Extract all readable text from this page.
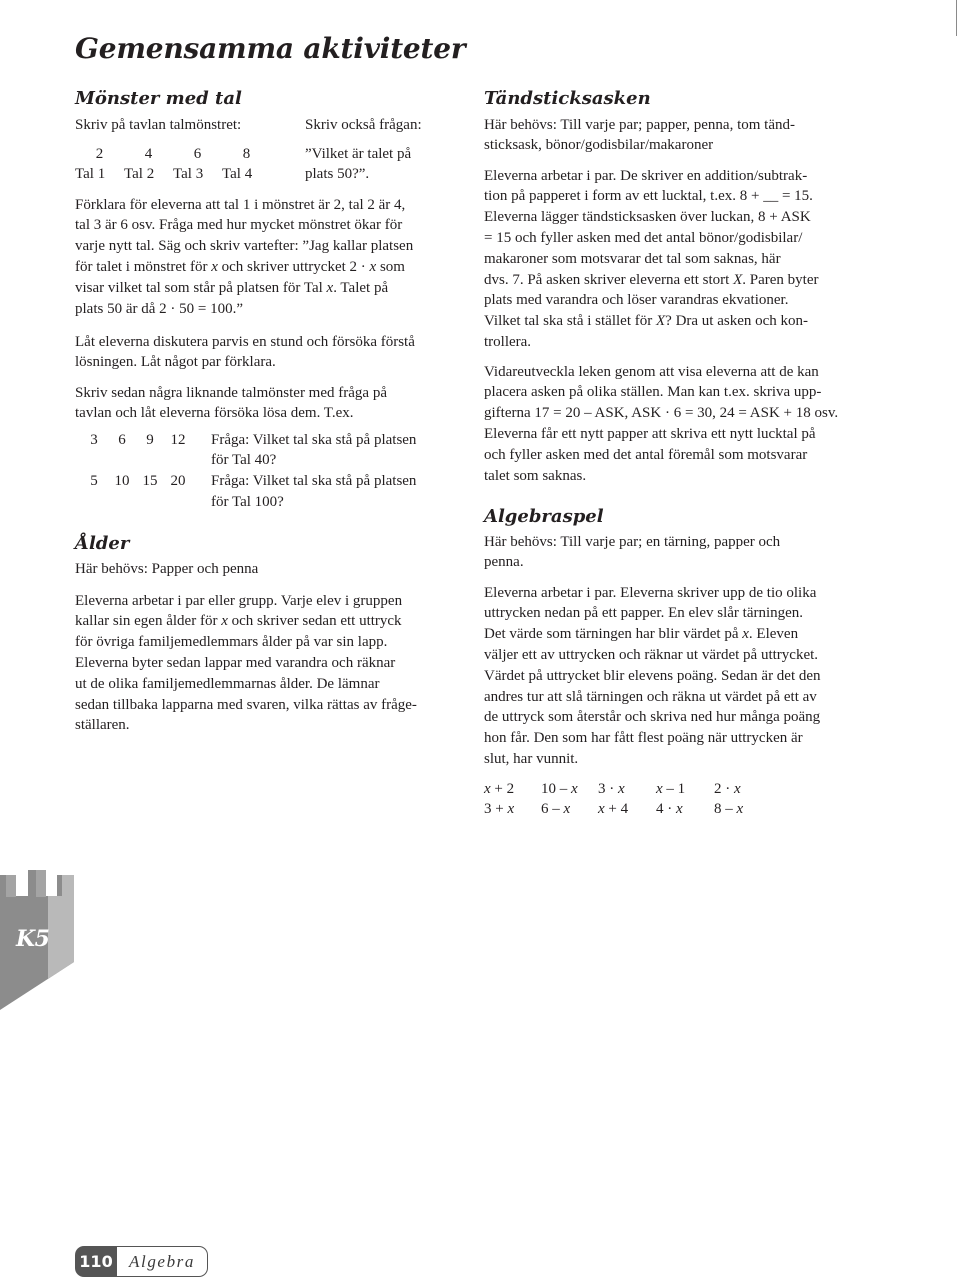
Gemensamma aktiviteter
Mönster med tal
Skriv på tavlan talmönstret:	Skriv också frågan:
2	4	6	8
Tal 1	Tal 2	Tal 3	Tal 4
”Vilket är talet på
plats 50?”.
Förklara för eleverna att tal 1 i mönstret är 2, tal 2 är 4,
tal 3 är 6 osv. Fråga med hur mycket mönstret ökar för
varje nytt tal. Säg och skriv vartefter: ”Jag kallar platsen
för talet i mönstret för x och skriver uttrycket 2 · x som
visar vilket tal som står på platsen för Tal x. Talet på
plats 50 är då 2 · 50 = 100.”
Låt eleverna diskutera parvis en stund och försöka förstå
lösningen. Låt något par förklara.
Skriv sedan några liknande talmönster med fråga på
tavlan och låt eleverna försöka lösa dem. T.ex.
3	6	9	12	Fråga: Vilket tal ska stå på platsen
för Tal 40?
5	10 15 20	Fråga: Vilket tal ska stå på platsen
för Tal 100?
Ålder
Här behövs: Papper och penna
Eleverna arbetar i par eller grupp. Varje elev i gruppen
kallar sin egen ålder för x och skriver sedan ett uttryck
för övriga familjemedlemmars ålder på var sin lapp.
Eleverna byter sedan lappar med varandra och räknar
ut de olika familjemedlemmarnas ålder. De lämnar
sedan tillbaka lapparna med svaren, vilka rättas av fråge-
ställaren.
Tändsticksasken
Här behövs: Till varje par; papper, penna, tom tänd-
sticksask, bönor/godisbilar/makaroner
Eleverna arbetar i par. De skriver en addition/subtrak-
tion på papperet i form av ett lucktal, t.ex. 8 + __ = 15.
Eleverna lägger tändsticksasken över luckan, 8 + ASK
= 15 och fyller asken med det antal bönor/godisbilar/
makaroner som motsvarar det tal som saknas, här
dvs. 7. På asken skriver eleverna ett stort X. Paren byter
plats med varandra och löser varandras ekvationer.
Vilket tal ska stå i stället för X? Dra ut asken och kon-
trollera.
Vidareutveckla leken genom att visa eleverna att de kan
placera asken på olika ställen. Man kan t.ex. skriva upp-
gifterna 17 = 20 – ASK, ASK · 6 = 30, 24 = ASK + 18 osv.
Eleverna får ett nytt papper att skriva ett nytt lucktal på
och fyller asken med det antal föremål som motsvarar
talet som saknas.
Algebraspel
Här behövs: Till varje par; en tärning, papper och
penna.
Eleverna arbetar i par. Eleverna skriver upp de tio olika
uttrycken nedan på ett papper. En elev slår tärningen.
Det värde som tärningen har blir värdet på x. Eleven
väljer ett av uttrycken och räknar ut värdet på uttrycket.
Värdet på uttrycket blir elevens poäng. Sedan är det den
andres tur att slå tärningen och räkna ut värdet på ett av
de uttryck som återstår och skriva ned hur många poäng
hon får. Den som har fått flest poäng när uttrycken är
slut, har vunnit.
x + 2	10 – x	3 · x	x – 1	2 · x
3 + x	6 – x	x + 4	4 · x	8 – x
K5
110 Algebra
